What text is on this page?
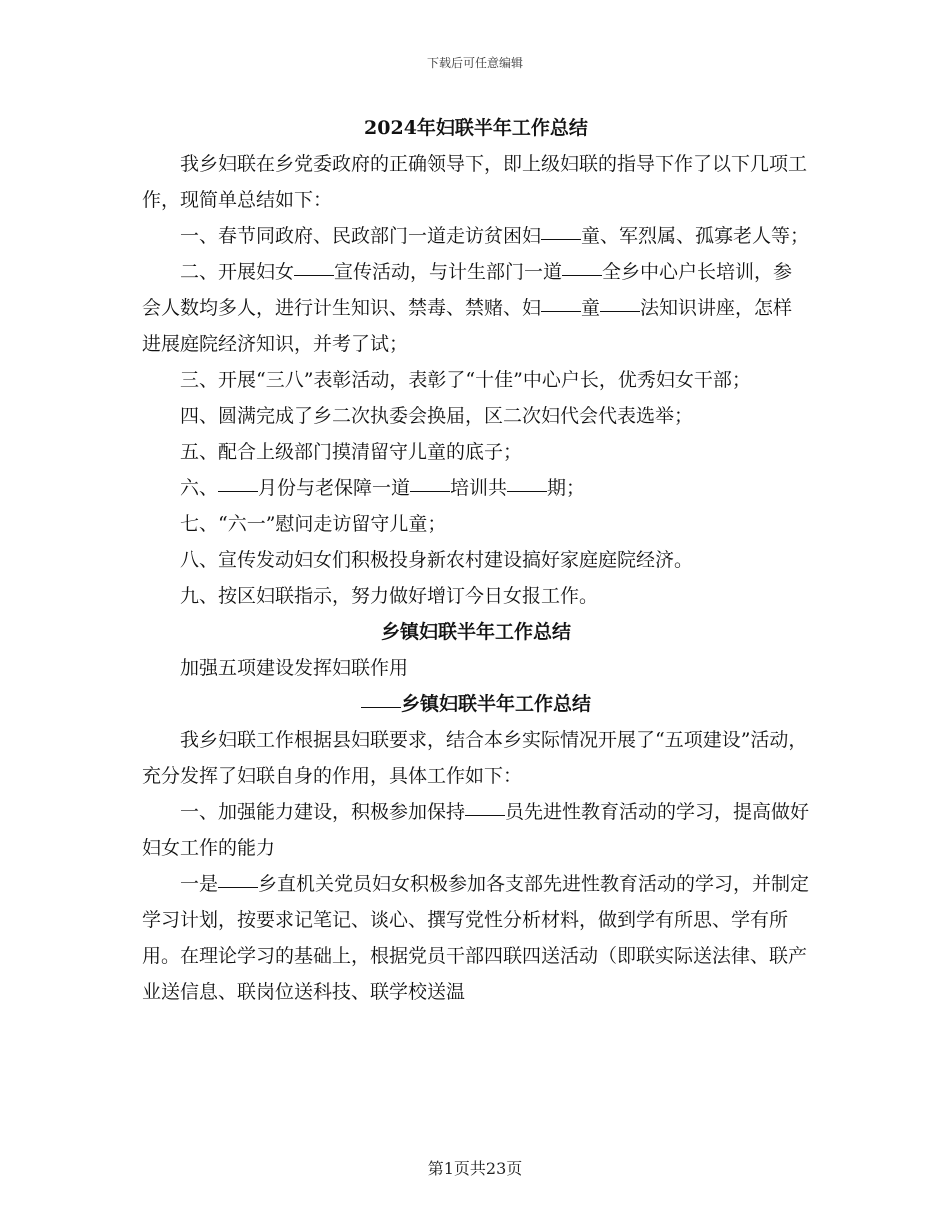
下载后可任意编辑
2024年妇联半年工作总结

我乡妇联在乡党委政府的正确领导下，即上级妇联的指导下作了以下几项工作，现简单总结如下：

一、春节同政府、民政部门一道走访贫困妇 童、军烈属、孤寡老人等；

二、开展妇女 宣传活动，与计生部门一道 全乡中心户长培训，参会人数均多人，进行计生知识、禁毒、禁赌、妇 童 法知识讲座，怎样进展庭院经济知识，并考了试；

三、开展“三八”表彰活动，表彰了“十佳”中心户长，优秀妇女干部；

四、圆满完成了乡二次执委会换届，区二次妇代会代表选举；

五、配合上级部门摸清留守儿童的底子；

六、 月份与老保障一道 培训共 期；

七、“六一”慰问走访留守儿童；

八、宣传发动妇女们积极投身新农村建设搞好家庭庭院经济。

九、按区妇联指示，努力做好增订今日女报工作。

乡镇妇联半年工作总结

加强五项建设发挥妇联作用

乡镇妇联半年工作总结

我乡妇联工作根据县妇联要求，结合本乡实际情况开展了“五项建设”活动，充分发挥了妇联自身的作用，具体工作如下：

一、加强能力建设，积极参加保持 员先进性教育活动的学习，提高做好妇女工作的能力

一是 乡直机关党员妇女积极参加各支部先进性教育活动的学习，并制定学习计划，按要求记笔记、谈心、撰写党性分析材料，做到学有所思、学有所用。在理论学习的基础上，根据党员干部四联四送活动（即联实际送法律、联产业送信息、联岗位送科技、联学校送温

第1页共23页
